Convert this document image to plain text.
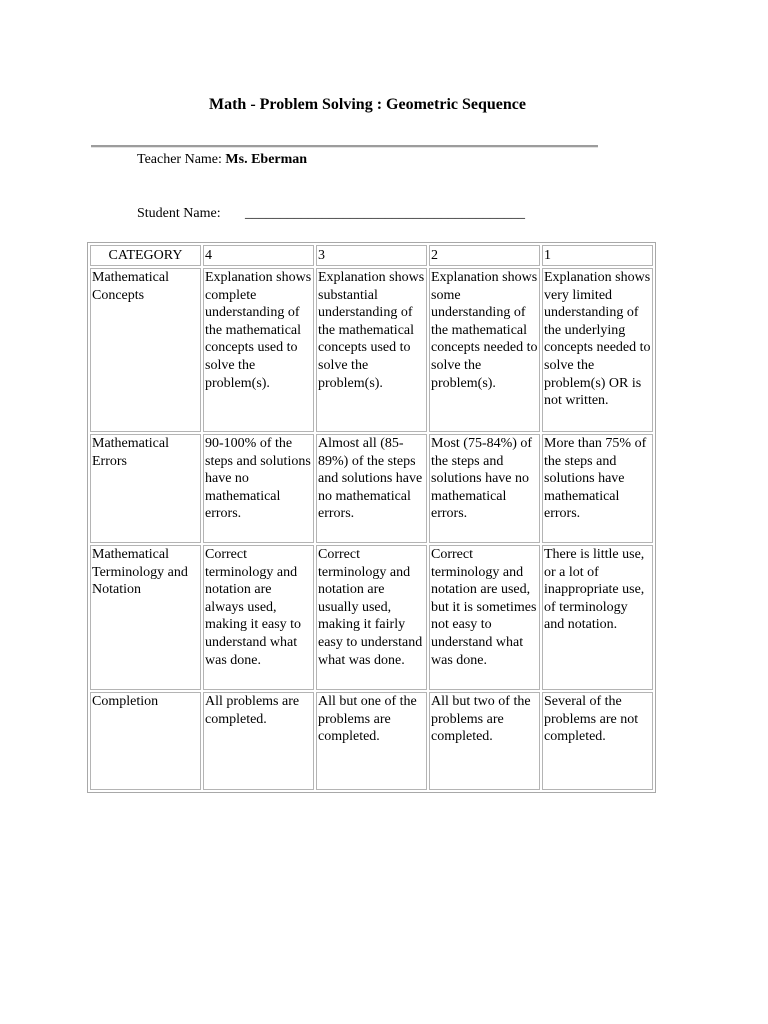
Math - Problem Solving : Geometric Sequence
Teacher Name: Ms. Eberman
Student Name: ________________________________________
CATEGORY	4	3	2	1
Mathematical Concepts	Explanation shows complete understanding of the mathematical concepts used to solve the problem(s).	Explanation shows substantial understanding of the mathematical concepts used to solve the problem(s).	Explanation shows some understanding of the mathematical concepts needed to solve the problem(s).	Explanation shows very limited understanding of the underlying concepts needed to solve the problem(s) OR is not written.
Mathematical Errors	90-100% of the steps and solutions have no mathematical errors.	Almost all (85-89%) of the steps and solutions have no mathematical errors.	Most (75-84%) of the steps and solutions have no mathematical errors.	More than 75% of the steps and solutions have mathematical errors.
Mathematical Terminology and Notation	Correct terminology and notation are always used, making it easy to understand what was done.	Correct terminology and notation are usually used, making it fairly easy to understand what was done.	Correct terminology and notation are used, but it is sometimes not easy to understand what was done.	There is little use, or a lot of inappropriate use, of terminology and notation.
Completion	All problems are completed.	All but one of the problems are completed.	All but two of the problems are completed.	Several of the problems are not completed.
